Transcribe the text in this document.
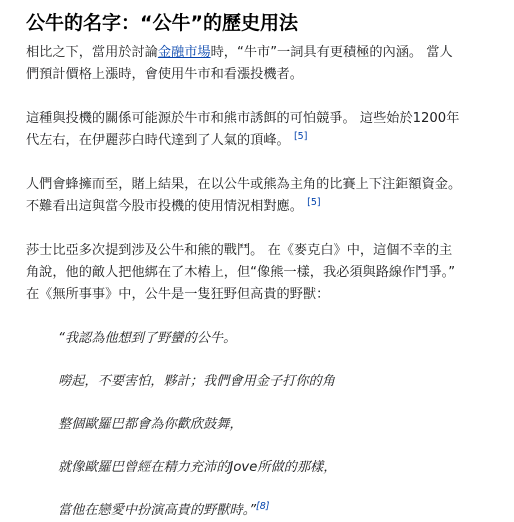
公牛的名字：“公牛”的歷史用法

相比之下，當用於討論金融市場時，“牛市”一詞具有更積極的內涵。 當人
們預計價格上漲時，會使用牛市和看漲投機者。

這種與投機的關係可能源於牛市和熊市誘餌的可怕競爭。 這些始於1200年
代左右，在伊麗莎白時代達到了人氣的頂峰。 [5]

人們會蜂擁而至，賭上結果，在以公牛或熊為主角的比賽上下注鉅額資金。
不難看出這與當今股市投機的使用情況相對應。 [5]

莎士比亞多次提到涉及公牛和熊的戰鬥。 在《麥克白》中，這個不幸的主
角說，他的敵人把他綁在了木樁上，但“像熊一樣，我必須與路線作鬥爭。”
在《無所事事》中，公牛是一隻狂野但高貴的野獸：

“我認為他想到了野蠻的公牛。
嘮起，不要害怕，夥計；我們會用金子打你的角
整個歐羅巴都會為你歡欣鼓舞，
就像歐羅巴曾經在精力充沛的Jove所做的那樣，
當他在戀愛中扮演高貴的野獸時。”[8]
